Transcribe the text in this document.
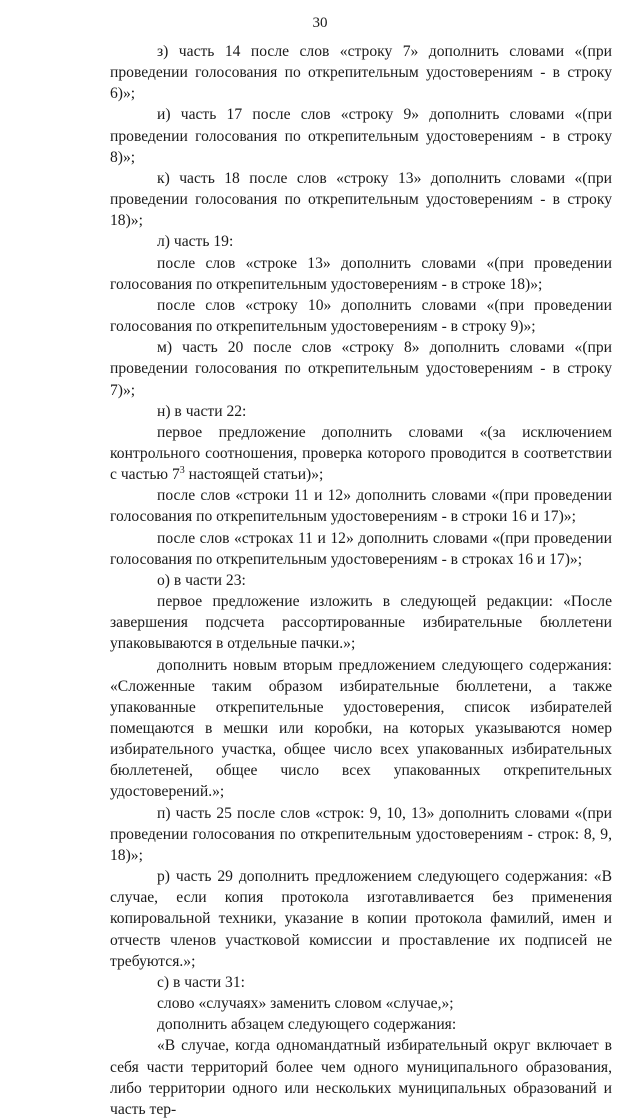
30

з) часть 14 после слов «строку 7» дополнить словами «(при проведении голосования по открепительным удостоверениям - в строку 6)»;

и) часть 17 после слов «строку 9» дополнить словами «(при проведении голосования по открепительным удостоверениям - в строку 8)»;

к) часть 18 после слов «строку 13» дополнить словами «(при проведении голосования по открепительным удостоверениям - в строку 18)»;

л) часть 19:

после слов «строке 13» дополнить словами «(при проведении голосования по открепительным удостоверениям - в строке 18)»;

после слов «строку 10» дополнить словами «(при проведении голосования по открепительным удостоверениям - в строку 9)»;

м) часть 20 после слов «строку 8» дополнить словами «(при проведении голосования по открепительным удостоверениям - в строку 7)»;

н) в части 22:

первое предложение дополнить словами «(за исключением контрольного соотношения, проверка которого проводится в соответствии с частью $7^3$ настоящей статьи)»;

после слов «строки 11 и 12» дополнить словами «(при проведении голосования по открепительным удостоверениям - в строки 16 и 17)»;

после слов «строках 11 и 12» дополнить словами «(при проведении голосования по открепительным удостоверениям - в строках 16 и 17)»;

о) в части 23:

первое предложение изложить в следующей редакции: «После завершения подсчета рассортированные избирательные бюллетени упаковываются в отдельные пачки.»;

дополнить новым вторым предложением следующего содержания: «Сложенные таким образом избирательные бюллетени, а также упакованные открепительные удостоверения, список избирателей помещаются в мешки или коробки, на которых указываются номер избирательного участка, общее число всех упакованных избирательных бюллетеней, общее число всех упакованных открепительных удостоверений.»;

п) часть 25 после слов «строк: 9, 10, 13» дополнить словами «(при проведении голосования по открепительным удостоверениям - строк: 8, 9, 18)»;

р) часть 29 дополнить предложением следующего содержания: «В случае, если копия протокола изготавливается без применения копировальной техники, указание в копии протокола фамилий, имен и отчеств членов участковой комиссии и проставление их подписей не требуются.»;

с) в части 31:

слово «случаях» заменить словом «случае,»;

дополнить абзацем следующего содержания:

«В случае, когда одномандатный избирательный округ включает в себя части территорий более чем одного муниципального образования, либо территории одного или нескольких муниципальных образований и часть тер-
